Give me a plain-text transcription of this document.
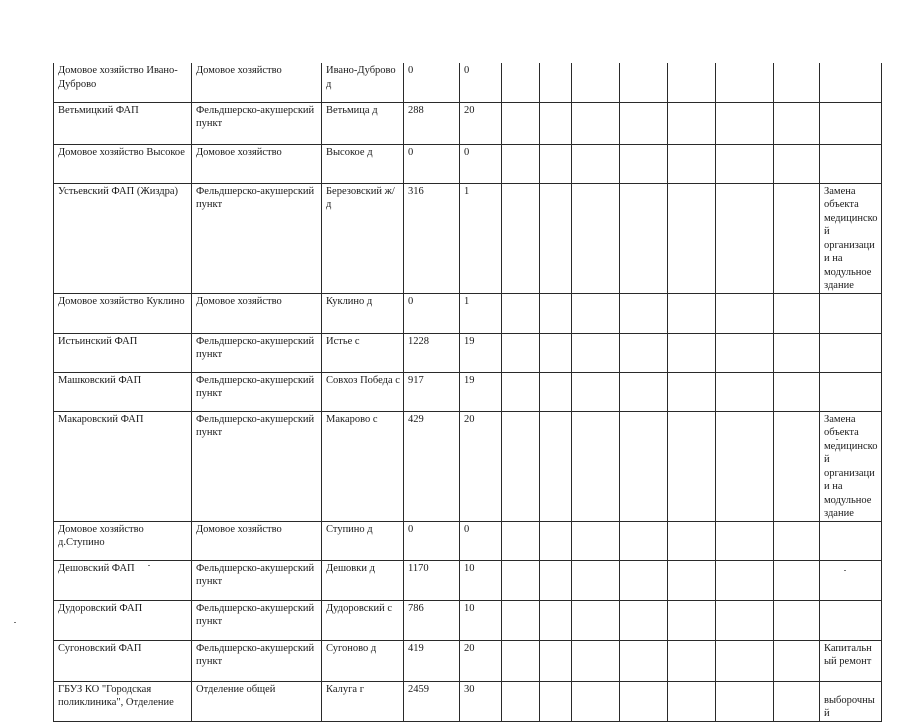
Домовое хозяйство Ивано-Дуброво	Домовое хозяйство	Ивано-Дуброво д	0	0								
Ветьмицкий ФАП	Фельдшерско-акушерский пункт	Ветьмица д	288	20								
Домовое хозяйство Высокое	Домовое хозяйство	Высокое д	0	0								
Устьевский ФАП (Жиздра)	Фельдшерско-акушерский пункт	Березовский ж/д	316	1								Замена объекта медицинской организации на модульное здание
Домовое хозяйство Куклино	Домовое хозяйство	Куклино д	0	1								
Истьинский ФАП	Фельдшерско-акушерский пункт	Истье с	1228	19								
Машковский ФАП	Фельдшерско-акушерский пункт	Совхоз Победа с	917	19								
Макаровский ФАП	Фельдшерско-акушерский пункт	Макарово с	429	20								Замена объекта медицинской организации на модульное здание
Домовое хозяйство д.Ступино	Домовое хозяйство	Ступино д	0	0								
Дешовский ФАП	Фельдшерско-акушерский пункт	Дешовки д	1170	10								
Дудоровский ФАП	Фельдшерско-акушерский пункт	Дудоровский с	786	10								
Сугоновский ФАП	Фельдшерско-акушерский пункт	Сугоново д	419	20								Капитальный ремонт
ГБУЗ КО "Городская поликлиника", Отделение	Отделение общей	Калуга г	2459	30								выборочный
